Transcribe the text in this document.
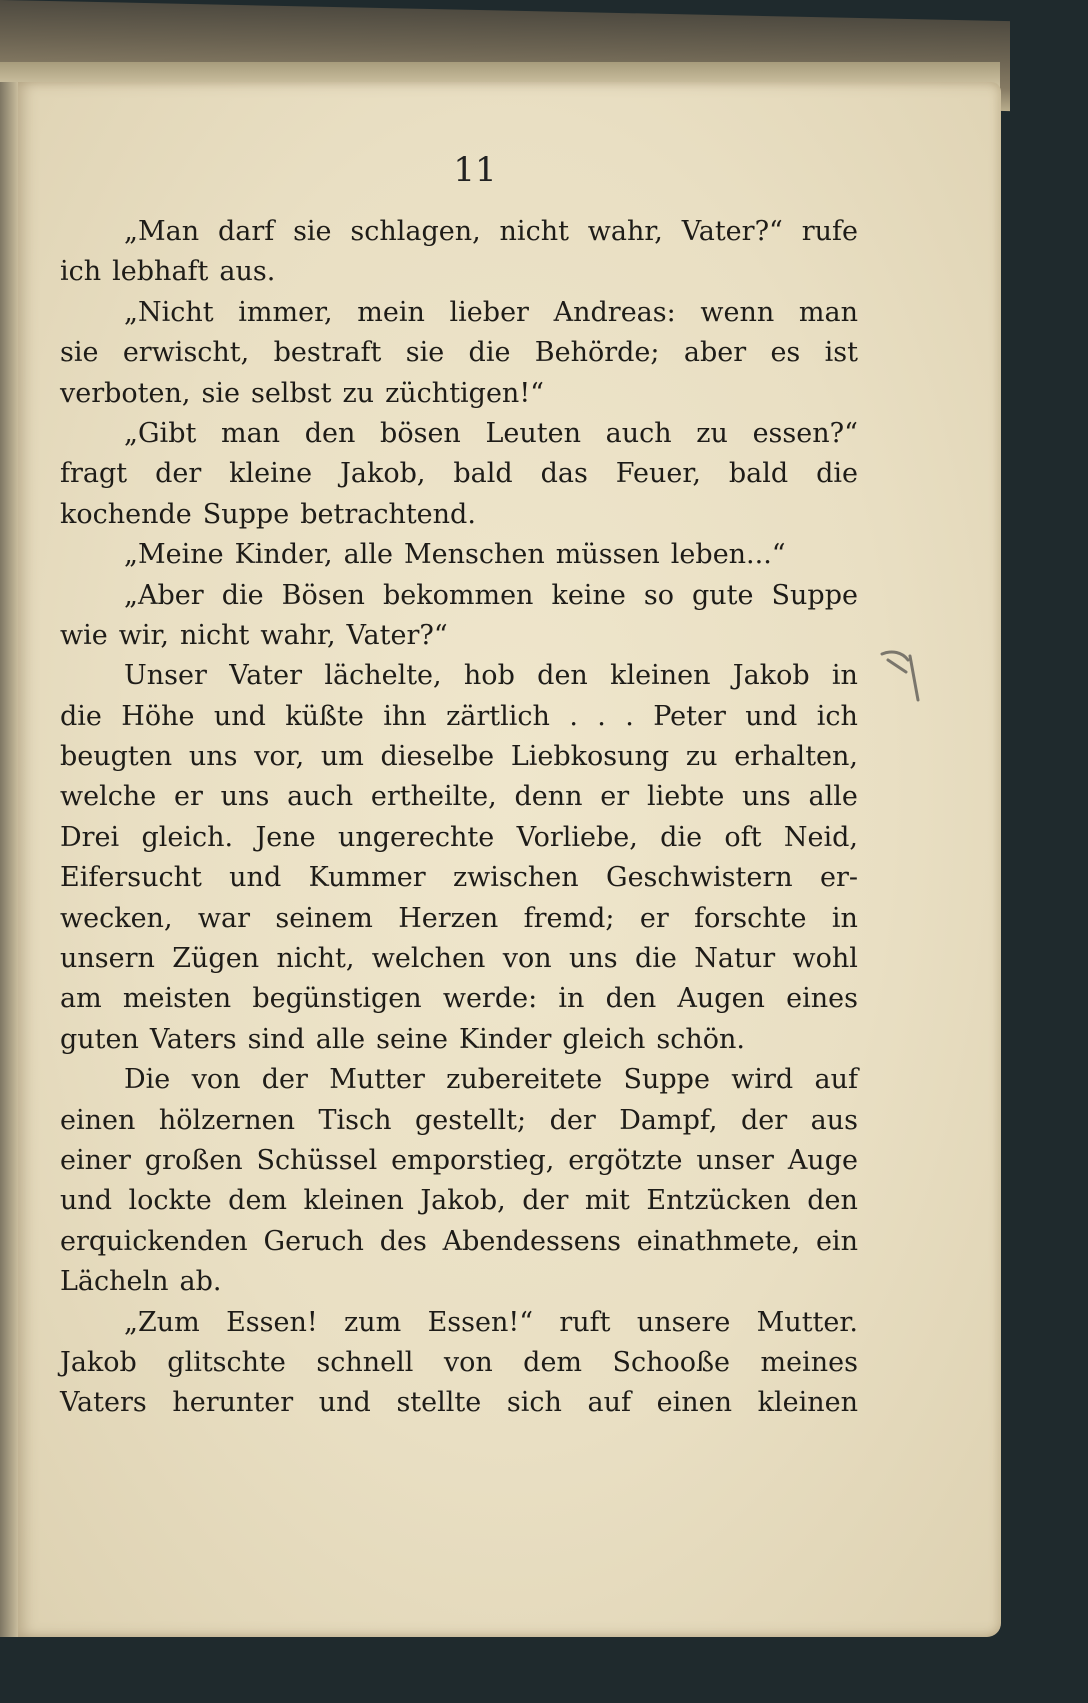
11
„Man darf sie schlagen, nicht wahr, Vater?“ rufe
ich lebhaft aus.
„Nicht immer, mein lieber Andreas: wenn man
sie erwischt, bestraft sie die Behörde; aber es ist
verboten, sie selbst zu züchtigen!“
„Gibt man den bösen Leuten auch zu essen?“
fragt der kleine Jakob, bald das Feuer, bald die
kochende Suppe betrachtend.
„Meine Kinder, alle Menschen müssen leben...“
„Aber die Bösen bekommen keine so gute Suppe
wie wir, nicht wahr, Vater?“
Unser Vater lächelte, hob den kleinen Jakob in
die Höhe und küßte ihn zärtlich . . . Peter und ich
beugten uns vor, um dieselbe Liebkosung zu erhalten,
welche er uns auch ertheilte, denn er liebte uns alle
Drei gleich. Jene ungerechte Vorliebe, die oft Neid,
Eifersucht und Kummer zwischen Geschwistern er-
wecken, war seinem Herzen fremd; er forschte in
unsern Zügen nicht, welchen von uns die Natur wohl
am meisten begünstigen werde: in den Augen eines
guten Vaters sind alle seine Kinder gleich schön.
Die von der Mutter zubereitete Suppe wird auf
einen hölzernen Tisch gestellt; der Dampf, der aus
einer großen Schüssel emporstieg, ergötzte unser Auge
und lockte dem kleinen Jakob, der mit Entzücken den
erquickenden Geruch des Abendessens einathmete, ein
Lächeln ab.
„Zum Essen! zum Essen!“ ruft unsere Mutter.
Jakob glitschte schnell von dem Schooße meines
Vaters herunter und stellte sich auf einen kleinen
